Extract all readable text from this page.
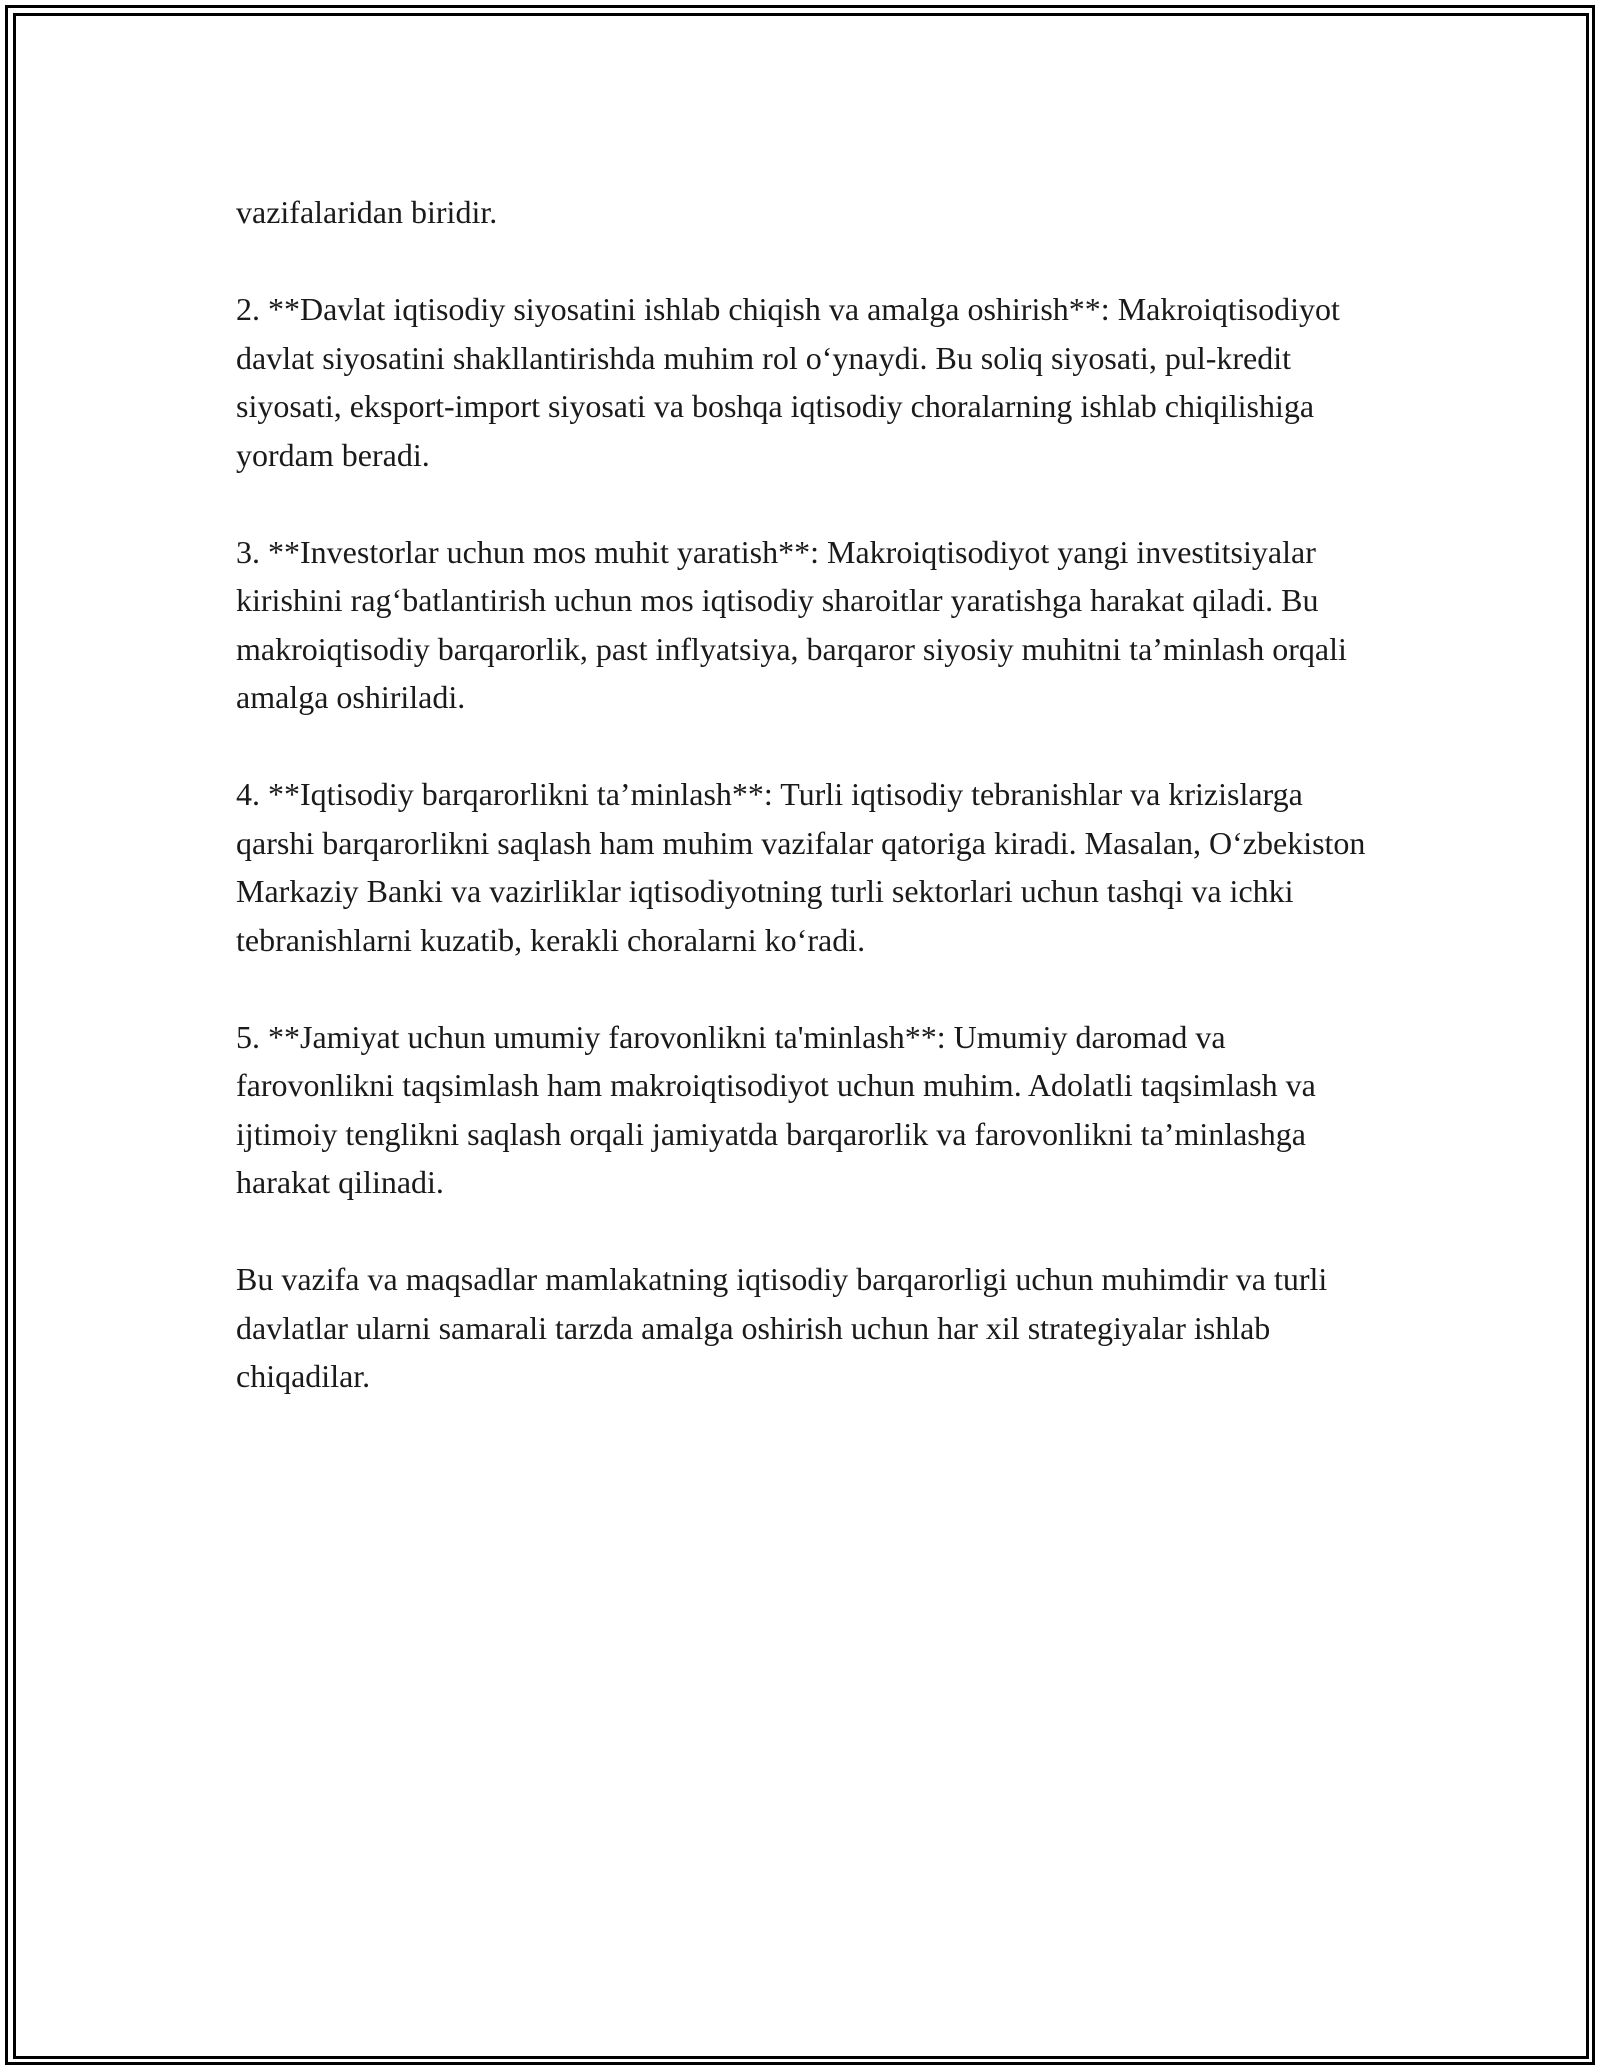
vazifalaridan biridir.

2. **Davlat iqtisodiy siyosatini ishlab chiqish va amalga oshirish**: Makroiqtisodiyot davlat siyosatini shakllantirishda muhim rol o‘ynaydi. Bu soliq siyosati, pul-kredit siyosati, eksport-import siyosati va boshqa iqtisodiy choralarning ishlab chiqilishiga yordam beradi.

3. **Investorlar uchun mos muhit yaratish**: Makroiqtisodiyot yangi investitsiyalar kirishini rag‘batlantirish uchun mos iqtisodiy sharoitlar yaratishga harakat qiladi. Bu makroiqtisodiy barqarorlik, past inflyatsiya, barqaror siyosiy muhitni ta’minlash orqali amalga oshiriladi.

4. **Iqtisodiy barqarorlikni ta’minlash**: Turli iqtisodiy tebranishlar va krizislarga qarshi barqarorlikni saqlash ham muhim vazifalar qatoriga kiradi. Masalan, O‘zbekiston Markaziy Banki va vazirliklar iqtisodiyotning turli sektorlari uchun tashqi va ichki tebranishlarni kuzatib, kerakli choralarni ko‘radi.

5. **Jamiyat uchun umumiy farovonlikni ta'minlash**: Umumiy daromad va farovonlikni taqsimlash ham makroiqtisodiyot uchun muhim. Adolatli taqsimlash va ijtimoiy tenglikni saqlash orqali jamiyatda barqarorlik va farovonlikni ta’minlashga harakat qilinadi.

Bu vazifa va maqsadlar mamlakatning iqtisodiy barqarorligi uchun muhimdir va turli davlatlar ularni samarali tarzda amalga oshirish uchun har xil strategiyalar ishlab chiqadilar.
